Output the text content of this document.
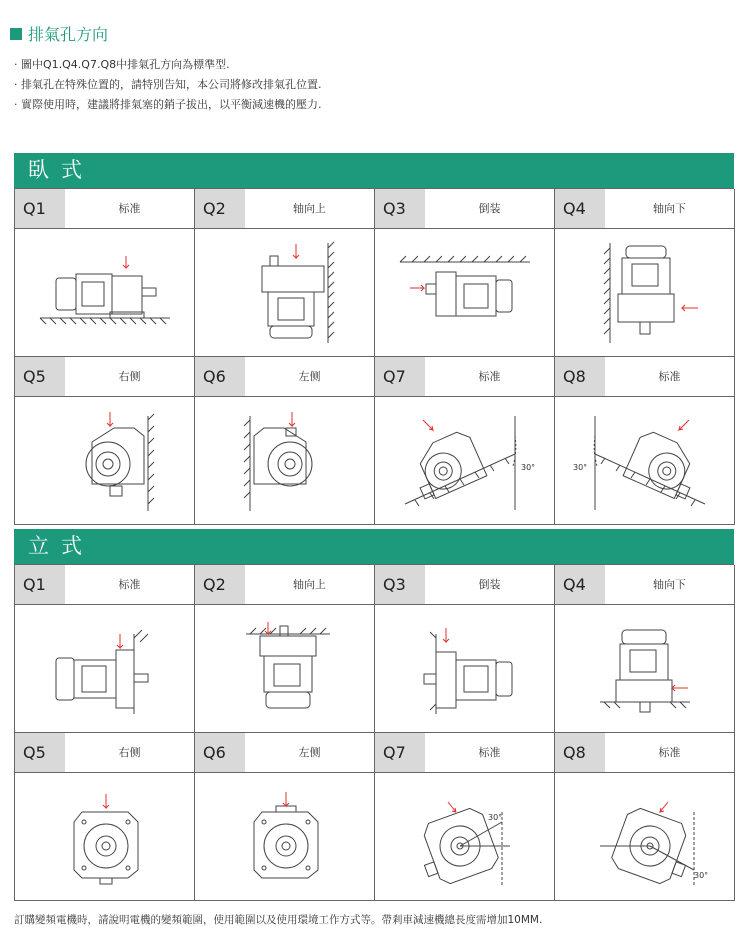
排氣孔方向
· 圖中Q1.Q4.Q7.Q8中排氣孔方向為標準型.
· 排氣孔在特殊位置的，請特別告知，本公司將修改排氣孔位置.
· 實際使用時，建議將排氣塞的銷子拔出，以平衡減速機的壓力.
臥式
Q1	标准	Q2	轴向上	Q3	倒装	Q4	轴向下
Q5	右侧	Q6	左侧	Q7	标准	Q8	标准
30°	30°
立式
Q1	标准	Q2	轴向上	Q3	倒装	Q4	轴向下
Q5	右侧	Q6	左侧	Q7	标准	Q8	标准
30°
30°
訂購變頻電機時，請說明電機的變頻範圍，使用範圍以及使用環境工作方式等。帶剎車減速機總長度需增加10MM.
